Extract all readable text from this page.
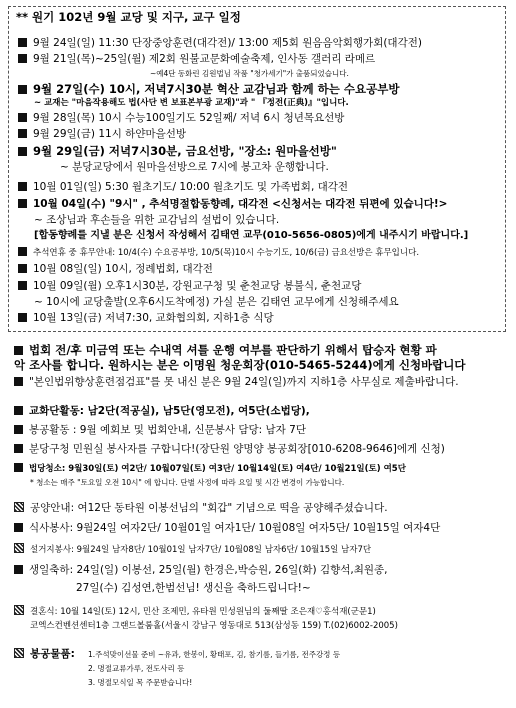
** 원기 102년 9월 교당 및 지구, 교구 일정
9월 24일(일) 11:30 단장중앙훈련(대각전)/ 13:00 제5회 원음음악회행가회(대각전)
9월 21일(목)~25일(월) 제2회 원불교문화예술축제, 인사동 갤러리 라메르
~예4단 동화린 김원법님 작품 "청가세기"가 출품되었습니다.
9월 27일(수) 10시, 저녁7시30분 혁산 교감님과 함께 하는 수요공부방
~ 교재는 "마음작용해도 법(사단 변 보표본부광 교재)"과 " 『정전(正典)』"입니다.
9월 28일(목) 10시 수능100일기도 52일째/ 저녁 6시 청년목요선방
9월 29일(금) 11시 하얀마을선방
9월 29일(금) 저녁7시30분, 금요선방, "장소: 원마을선방"
~ 분당교당에서 원마을선방으로 7시에 봉고차 운행합니다.
10월 01일(일) 5:30 월초기도/ 10:00 월초기도 및 가족법회, 대각전
10월 04일(수) "9시" , 추석명절합동향례, 대각전 <신청서는 대각전 뒤편에 있습니다!>
~ 조상님과 후손들을 위한 교감님의 설법이 있습니다.
[합동향례를 지낼 분은 신청서 작성해서 김태연 교무(010-5656-0805)에게 내주시기 바랍니다.]
추석연휴 중 휴무안내: 10/4(수) 수요공부방, 10/5(목)10시 수능기도, 10/6(금) 금요선방은 휴무입니다.
10월 08일(일) 10시, 정례법회, 대각전
10월 09일(월) 오후1시30분, 강원교구청 및 춘천교당 봉불식, 춘천교당
~ 10시에 교당출발(오후6시도착예정) 가실 분은 김태연 교무에게 신청해주세요
10월 13일(금) 저녁7:30, 교화협의회, 지하1층 식당
법회 전/후 미금역 또는 수내역 셔틀 운행 여부를 판단하기 위해서 탑승자 현황 파
악 조사를 합니다. 원하시는 분은 이명원 청운회장(010-5465-5244)에게 신청바랍니다
"본인법위향상훈련점검표"를 못 내신 분은 9월 24일(일)까지 지하1층 사무실로 제출바랍니다.
교화단활동: 남2단(적공실), 남5단(영모전), 여5단(소법당),
봉공활동 : 9월 예회보 및 법회안내, 신문봉사 담당: 남자 7단
분당구청 민원실 봉사자를 구합니다!(장단원 양명양 봉공회장[010-6208-9646]에게 신청)
법당청소: 9월30일(토) 여2단/ 10월07일(토) 여3단/ 10월14일(토) 여4단/ 10월21일(토) 여5단
* 청소는 매주 "토요일 오전 10시" 에 합니다. 단별 사정에 따라 요일 및 시간 변경이 가능합니다.
공양안내: 여12단 동타원 이봉선님의 "회갑" 기념으로 떡을 공양해주셨습니다.
식사봉사: 9월24일 여자2단/ 10월01일 여자1단/ 10월08일 여자5단/ 10월15일 여자4단
설거지봉사: 9월24일 남자8단/ 10월01일 남자7단/ 10월08일 남자6단/ 10월15일 남자7단
생일축하: 24일(일) 이봉선, 25일(월) 한경은,박승원, 26일(화) 김향석,최원종,
27일(수) 김성연,한범선님! 생신을 축하드립니다!~
결혼식: 10월 14일(토) 12시, 민산 조제민, 유타원 민성원님의 둘째딸 조은재♡홍석재(군문1)
코엑스컨벤션센터1층 그랜드볼룸홀(서울시 강남구 영동대로 513(삼성동 159) T.(02)6002-2005)
봉공물품: 1.주석맞이선물 준비 ~유과, 한봉이, 황태포, 김, 참기름, 들기름, 전주강정 등
2. 명절교류가루, 전도사리 등
3. 명절모식일 목 주문받습니다!
